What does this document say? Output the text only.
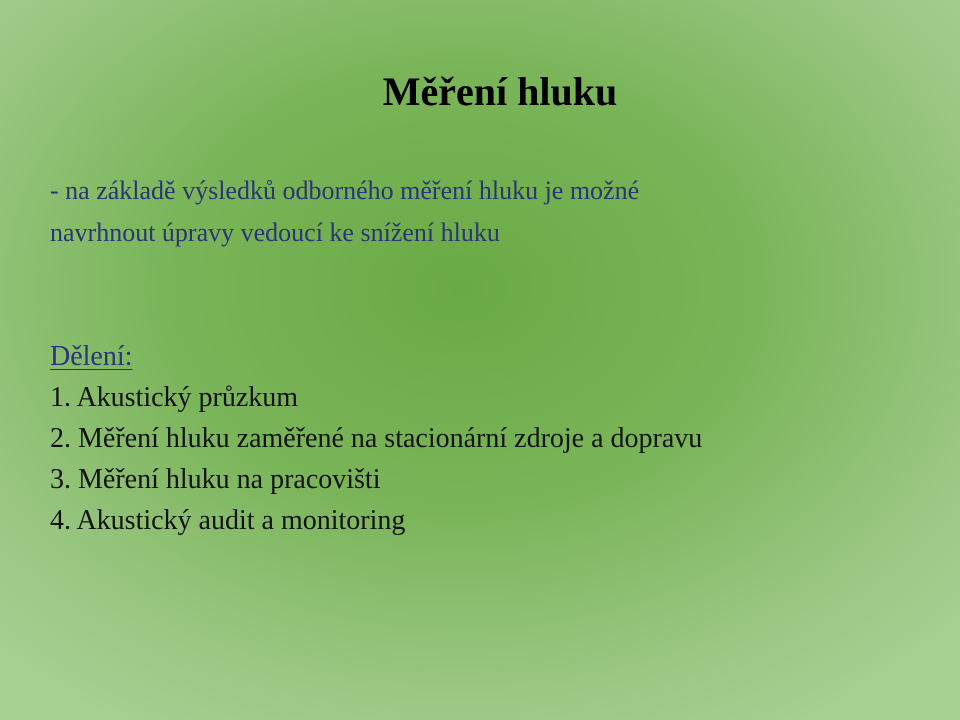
Měření hluku
- na základě výsledků odborného měření hluku je možné
navrhnout úpravy vedoucí ke snížení hluku
Dělení:
1. Akustický průzkum
2. Měření hluku zaměřené na stacionární zdroje a dopravu
3. Měření hluku na pracovišti
4. Akustický audit a monitoring
